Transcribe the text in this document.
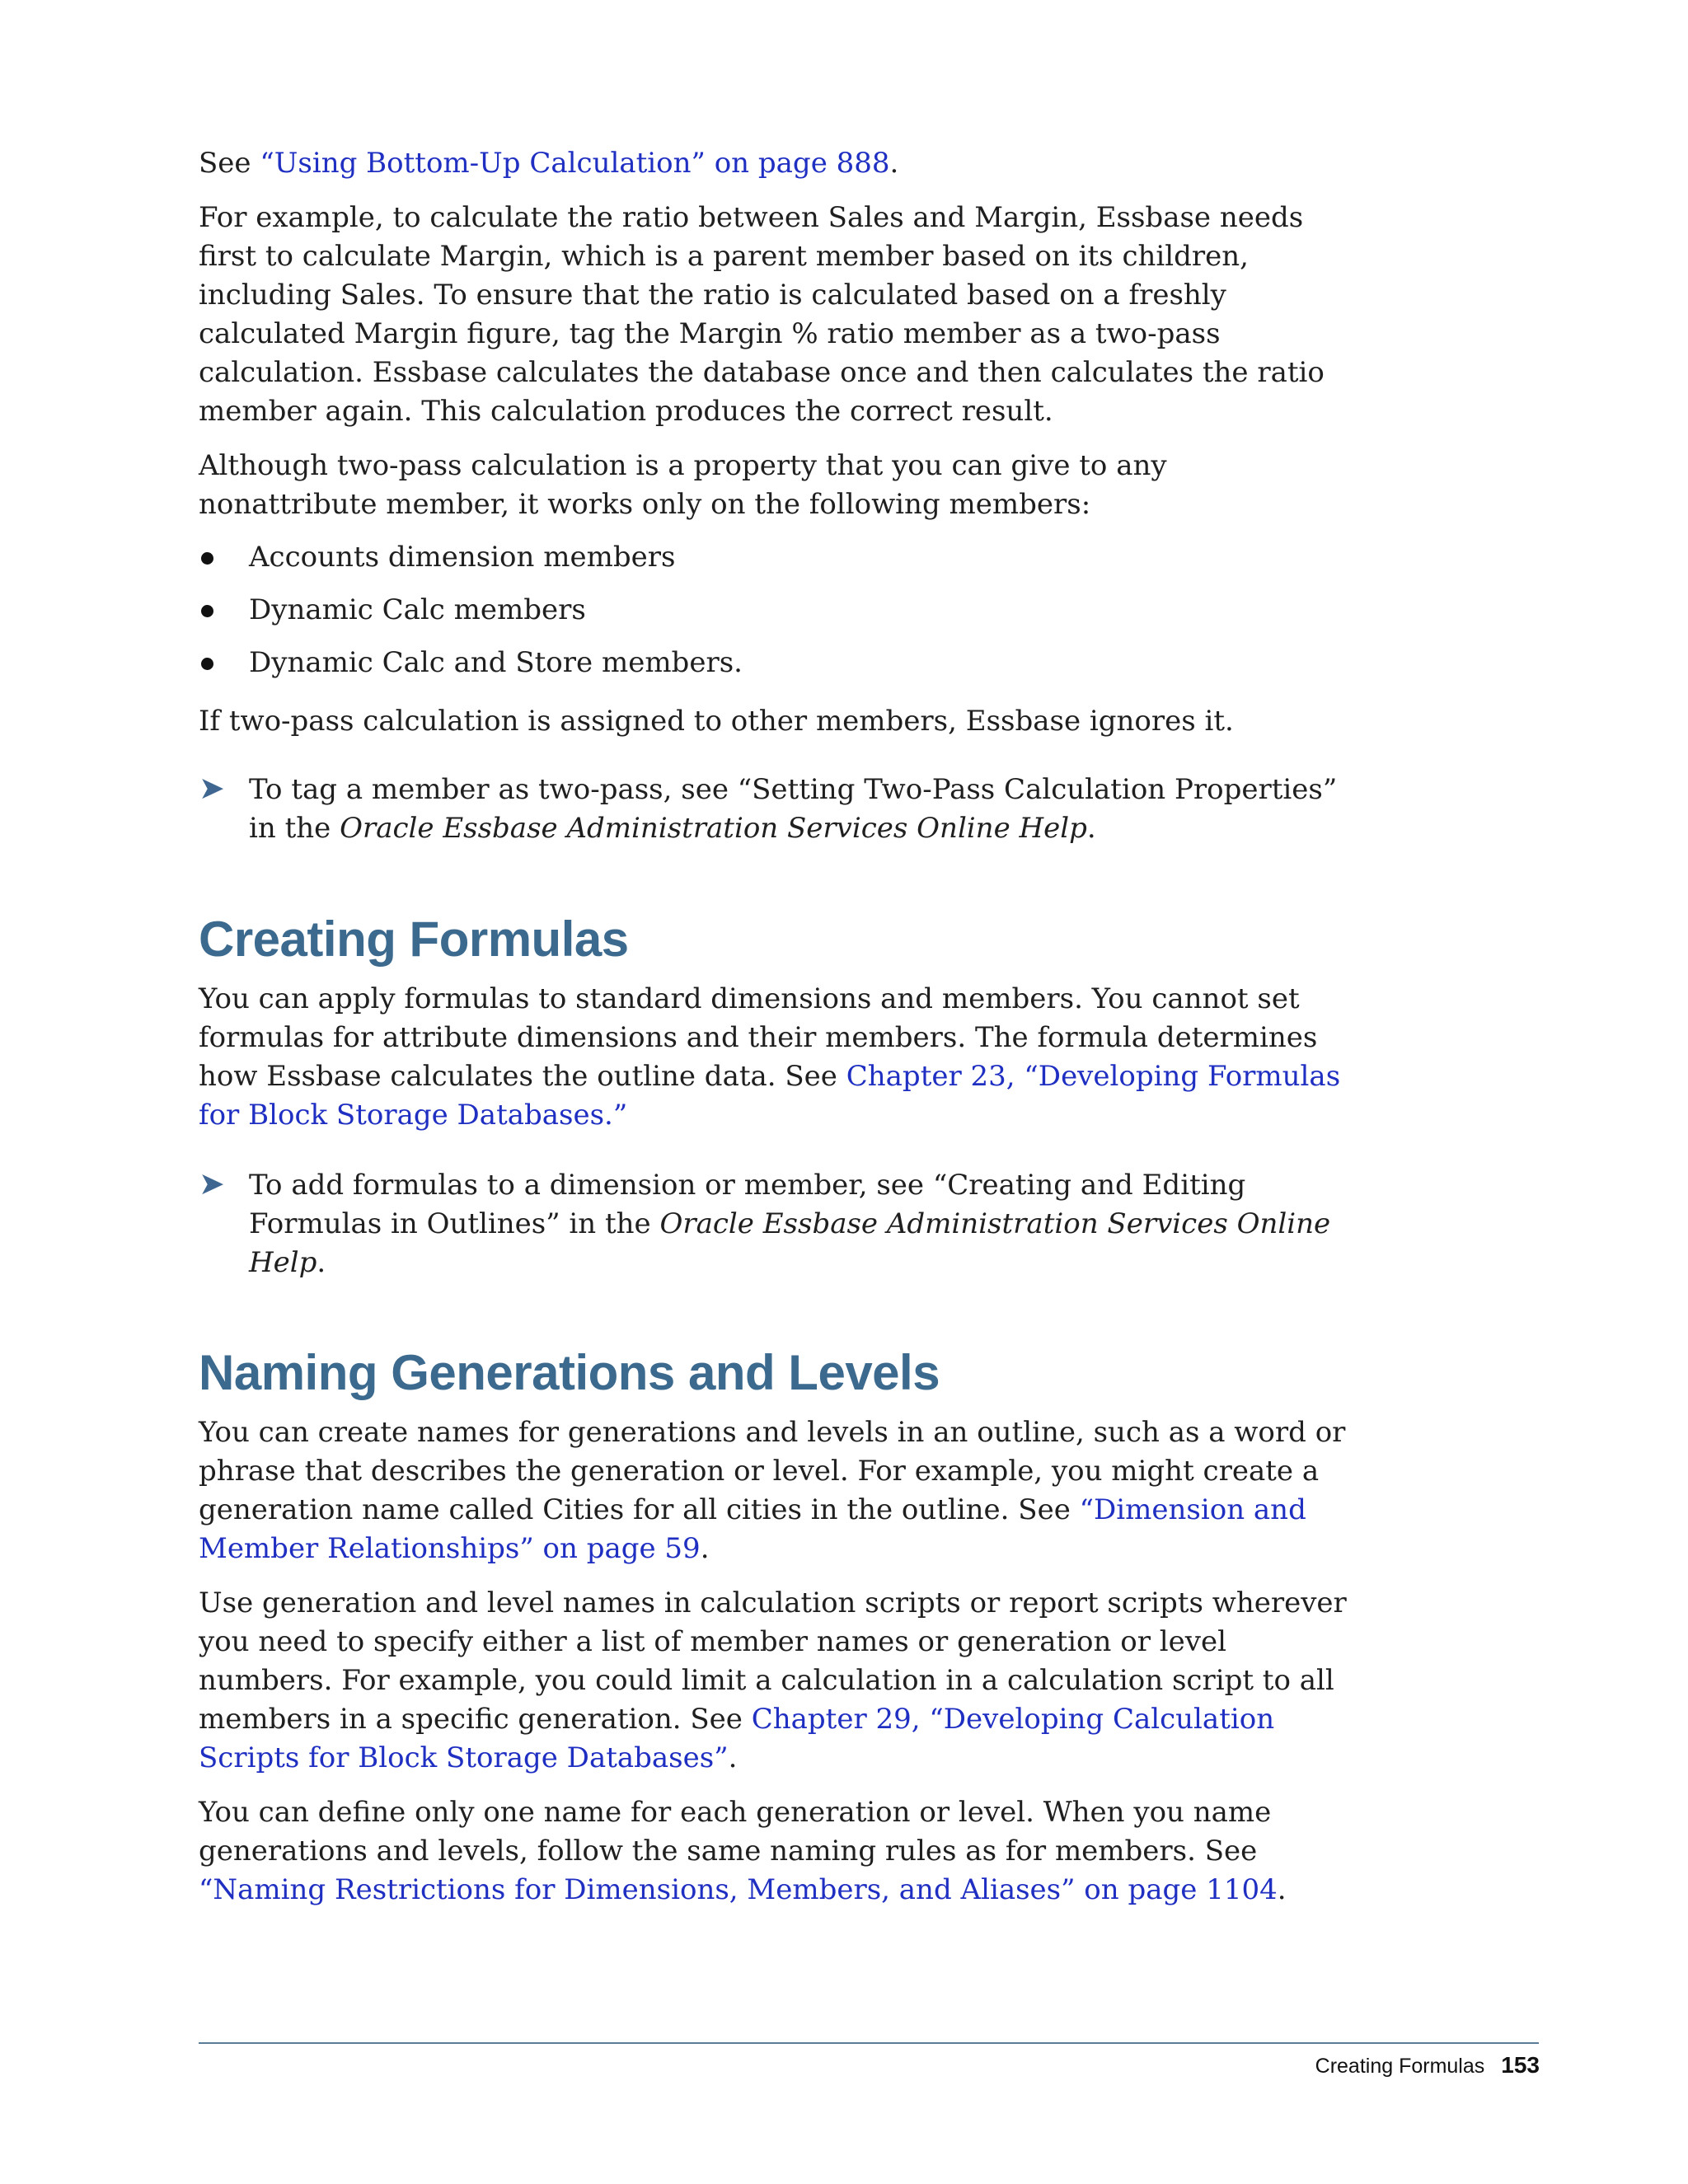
See “Using Bottom-Up Calculation” on page 888.

For example, to calculate the ratio between Sales and Margin, Essbase needs first to calculate Margin, which is a parent member based on its children, including Sales. To ensure that the ratio is calculated based on a freshly calculated Margin figure, tag the Margin % ratio member as a two-pass calculation. Essbase calculates the database once and then calculates the ratio member again. This calculation produces the correct result.

Although two-pass calculation is a property that you can give to any nonattribute member, it works only on the following members:

Accounts dimension members
Dynamic Calc members
Dynamic Calc and Store members.

If two-pass calculation is assigned to other members, Essbase ignores it.

➤ To tag a member as two-pass, see “Setting Two-Pass Calculation Properties” in the Oracle Essbase Administration Services Online Help.
Creating Formulas

You can apply formulas to standard dimensions and members. You cannot set formulas for attribute dimensions and their members. The formula determines how Essbase calculates the outline data. See Chapter 23, “Developing Formulas for Block Storage Databases.”

➤ To add formulas to a dimension or member, see “Creating and Editing Formulas in Outlines” in the Oracle Essbase Administration Services Online Help.
Naming Generations and Levels

You can create names for generations and levels in an outline, such as a word or phrase that describes the generation or level. For example, you might create a generation name called Cities for all cities in the outline. See “Dimension and Member Relationships” on page 59.

Use generation and level names in calculation scripts or report scripts wherever you need to specify either a list of member names or generation or level numbers. For example, you could limit a calculation in a calculation script to all members in a specific generation. See Chapter 29, “Developing Calculation Scripts for Block Storage Databases”.

You can define only one name for each generation or level. When you name generations and levels, follow the same naming rules as for members. See “Naming Restrictions for Dimensions, Members, and Aliases” on page 1104.

Creating Formulas 153
